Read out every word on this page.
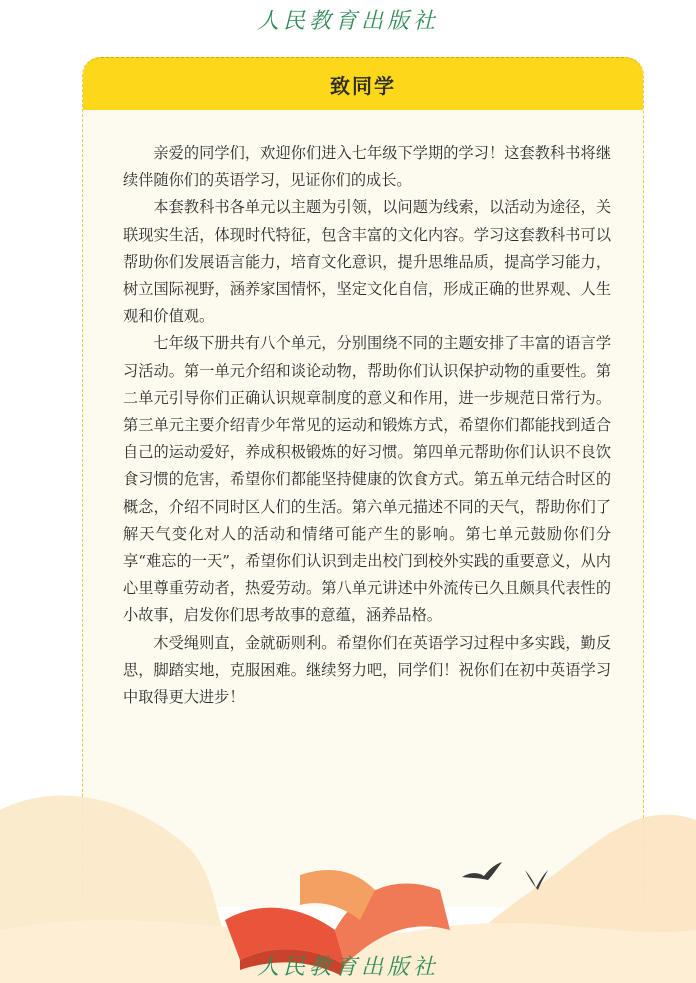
人民教育出版社
致同学

亲爱的同学们，欢迎你们进入七年级下学期的学习！这套教科书将继续伴随你们的英语学习，见证你们的成长。

本套教科书各单元以主题为引领，以问题为线索，以活动为途径，关联现实生活，体现时代特征，包含丰富的文化内容。学习这套教科书可以帮助你们发展语言能力，培育文化意识，提升思维品质，提高学习能力，树立国际视野，涵养家国情怀，坚定文化自信，形成正确的世界观、人生观和价值观。

七年级下册共有八个单元，分别围绕不同的主题安排了丰富的语言学习活动。第一单元介绍和谈论动物，帮助你们认识保护动物的重要性。第二单元引导你们正确认识规章制度的意义和作用，进一步规范日常行为。第三单元主要介绍青少年常见的运动和锻炼方式，希望你们都能找到适合自己的运动爱好，养成积极锻炼的好习惯。第四单元帮助你们认识不良饮食习惯的危害，希望你们都能坚持健康的饮食方式。第五单元结合时区的概念，介绍不同时区人们的生活。第六单元描述不同的天气，帮助你们了解天气变化对人的活动和情绪可能产生的影响。第七单元鼓励你们分享“难忘的一天”，希望你们认识到走出校门到校外实践的重要意义，从内心里尊重劳动者，热爱劳动。第八单元讲述中外流传已久且颇具代表性的小故事，启发你们思考故事的意蕴，涵养品格。

木受绳则直，金就砺则利。希望你们在英语学习过程中多实践，勤反思，脚踏实地，克服困难。继续努力吧，同学们！祝你们在初中英语学习中取得更大进步！

人民教育出版社
